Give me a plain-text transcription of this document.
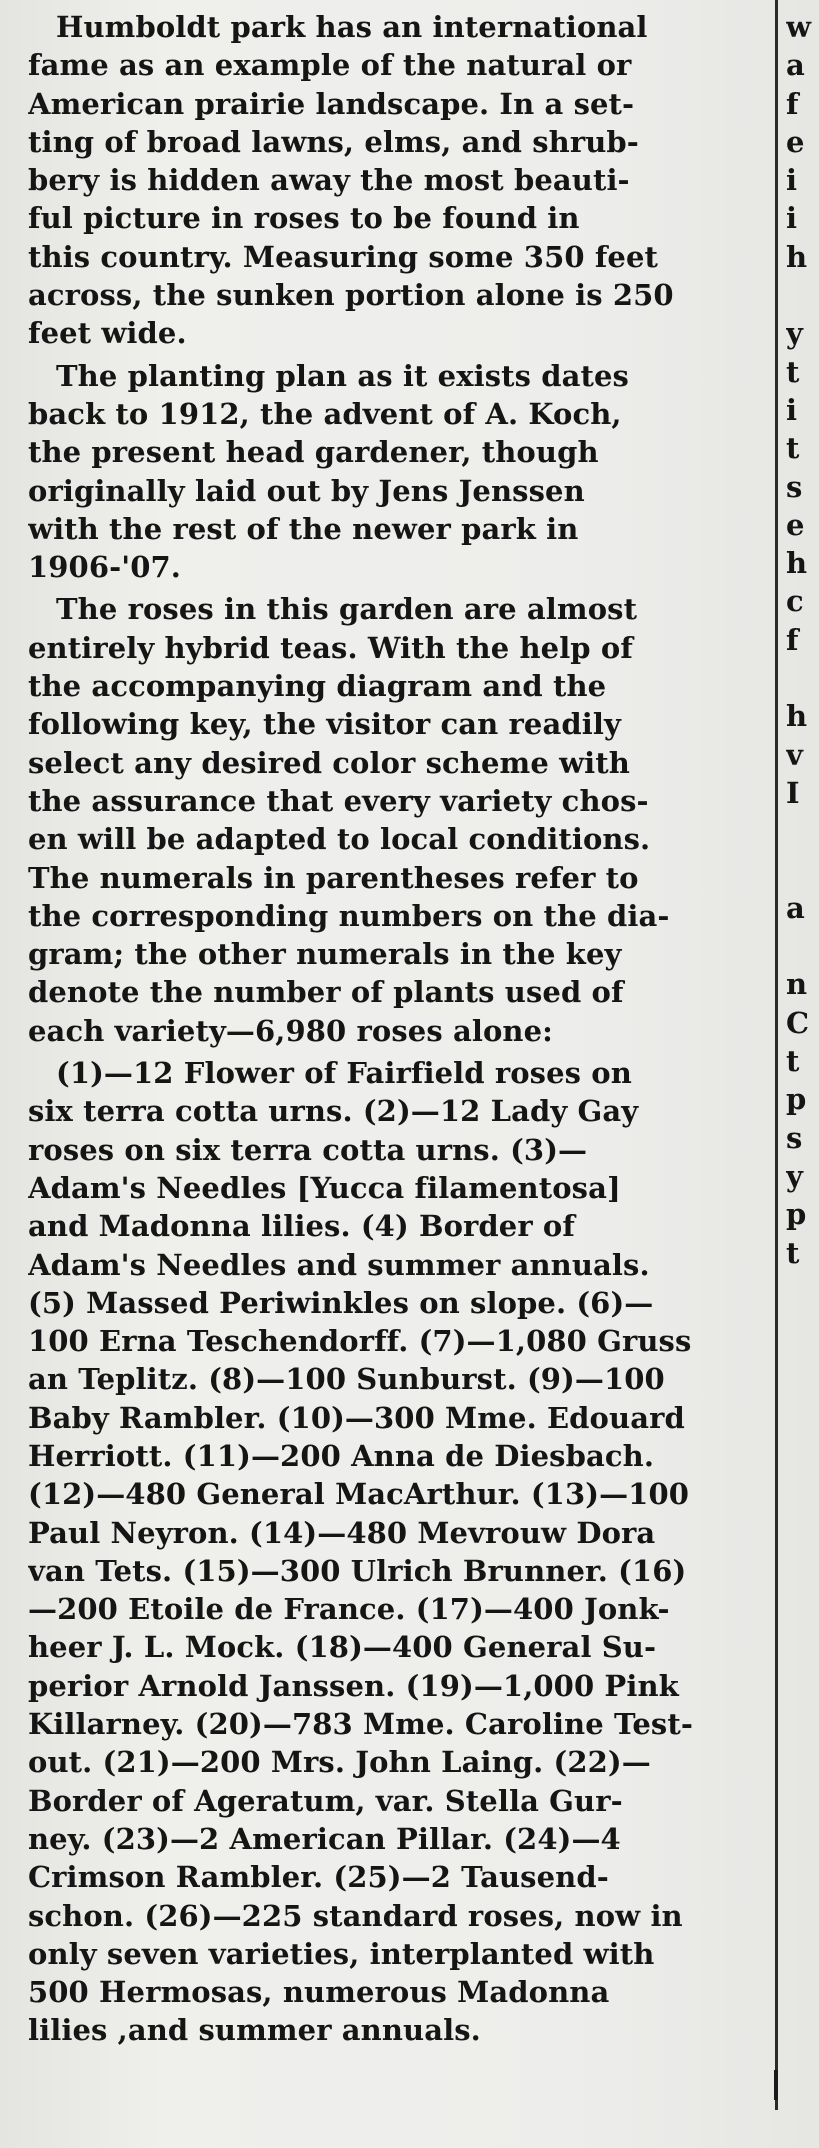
Humboldt park has an international
fame as an example of the natural or
American prairie landscape. In a set-
ting of broad lawns, elms, and shrub-
bery is hidden away the most beauti-
ful picture in roses to be found in
this country. Measuring some 350 feet
across, the sunken portion alone is 250
feet wide.
The planting plan as it exists dates
back to 1912, the advent of A. Koch,
the present head gardener, though
originally laid out by Jens Jenssen
with the rest of the newer park in
1906-'07.
The roses in this garden are almost
entirely hybrid teas. With the help of
the accompanying diagram and the
following key, the visitor can readily
select any desired color scheme with
the assurance that every variety chos-
en will be adapted to local conditions.
The numerals in parentheses refer to
the corresponding numbers on the dia-
gram; the other numerals in the key
denote the number of plants used of
each variety—6,980 roses alone:
(1)—12 Flower of Fairfield roses on
six terra cotta urns. (2)—12 Lady Gay
roses on six terra cotta urns. (3)—
Adam's Needles [Yucca filamentosa]
and Madonna lilies. (4) Border of
Adam's Needles and summer annuals.
(5) Massed Periwinkles on slope. (6)—
100 Erna Teschendorff. (7)—1,080 Gruss
an Teplitz. (8)—100 Sunburst. (9)—100
Baby Rambler. (10)—300 Mme. Edouard
Herriott. (11)—200 Anna de Diesbach.
(12)—480 General MacArthur. (13)—100
Paul Neyron. (14)—480 Mevrouw Dora
van Tets. (15)—300 Ulrich Brunner. (16)
—200 Etoile de France. (17)—400 Jonk-
heer J. L. Mock. (18)—400 General Su-
perior Arnold Janssen. (19)—1,000 Pink
Killarney. (20)—783 Mme. Caroline Test-
out. (21)—200 Mrs. John Laing. (22)—
Border of Ageratum, var. Stella Gur-
ney. (23)—2 American Pillar. (24)—4
Crimson Rambler. (25)—2 Tausend-
schon. (26)—225 standard roses, now in
only seven varieties, interplanted with
500 Hermosas, numerous Madonna
lilies ,and summer annuals.
w
a
f
e
i
i
h
y
t
i
t
s
e
h
c
f
h
v
I
a
n
C
t
p
s
y
p
t
